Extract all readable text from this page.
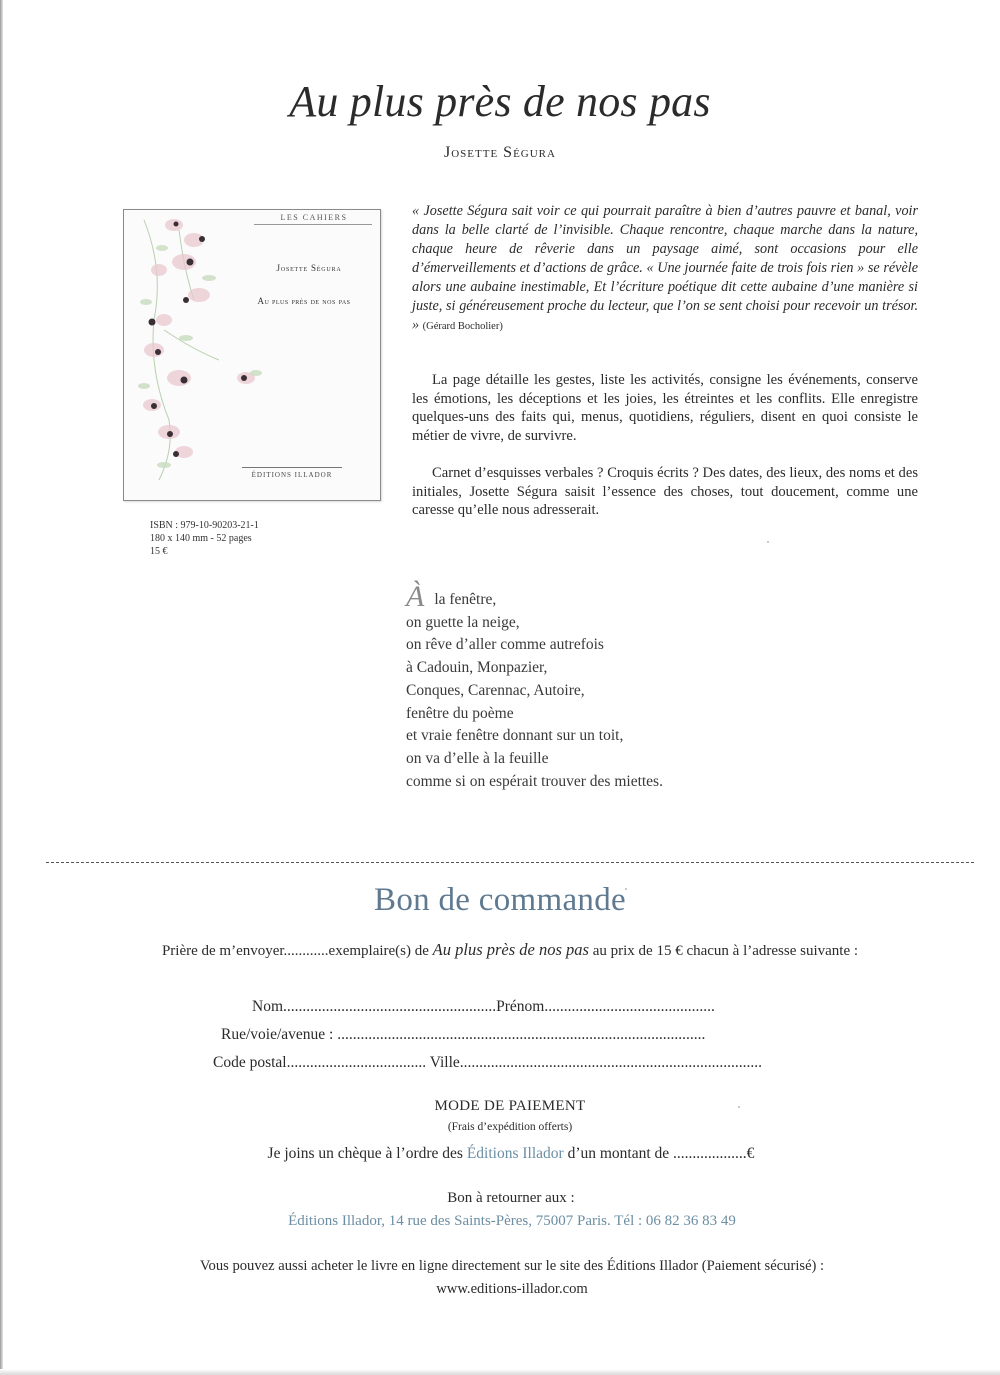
Au plus près de nos pas
Josette Ségura
LES CAHIERS
Josette Ségura
Au plus près de nos pas
ÉDITIONS ILLADOR
ISBN : 979-10-90203-21-1
180 x 140 mm - 52 pages
15 €
« Josette Ségura sait voir ce qui pourrait paraître à bien d’autres pauvre et banal, voir dans la belle clarté de l’invisible. Chaque rencontre, chaque marche dans la nature, chaque heure de rêverie dans un paysage aimé, sont occasions pour elle d’émerveillements et d’actions de grâce. « Une journée faite de trois fois rien » se révèle alors une aubaine inestimable, Et l’écriture poétique dit cette aubaine d’une manière si juste, si généreusement proche du lecteur, que l’on se sent choisi pour recevoir un trésor. » (Gérard Bocholier)
La page détaille les gestes, liste les activités, consigne les événements, conserve les émotions, les déceptions et les joies, les étreintes et les conflits. Elle enregistre quelques-uns des faits qui, menus, quotidiens, réguliers, disent en quoi consiste le métier de vivre, de survivre.
Carnet d’esquisses verbales ? Croquis écrits ? Des dates, des lieux, des noms et des initiales, Josette Ségura saisit l’essence des choses, tout doucement, comme une caresse qu’elle nous adresserait.
Àla fenêtre,
on guette la neige,
on rêve d’aller comme autrefois
à Cadouin, Monpazier,
Conques, Carennac, Autoire,
fenêtre du poème
et vraie fenêtre donnant sur un toit,
on va d’elle à la feuille
comme si on espérait trouver des miettes.
Bon de commande
Prière de m’envoyer............exemplaire(s) de Au plus près de nos pas au prix de 15 € chacun à l’adresse suivante :
Nom.......................................................Prénom............................................
Rue/voie/avenue : ...............................................................................................
Code postal.................................... Ville..............................................................................
MODE DE PAIEMENT
(Frais d’expédition offerts)
Je joins un chèque à l’ordre des Éditions Illador d’un montant de ...................€
Bon à retourner aux :
Éditions Illador, 14 rue des Saints-Pères, 75007 Paris. Tél : 06 82 36 83 49
Vous pouvez aussi acheter le livre en ligne directement sur le site des Éditions Illador (Paiement sécurisé) :
www.editions-illador.com
